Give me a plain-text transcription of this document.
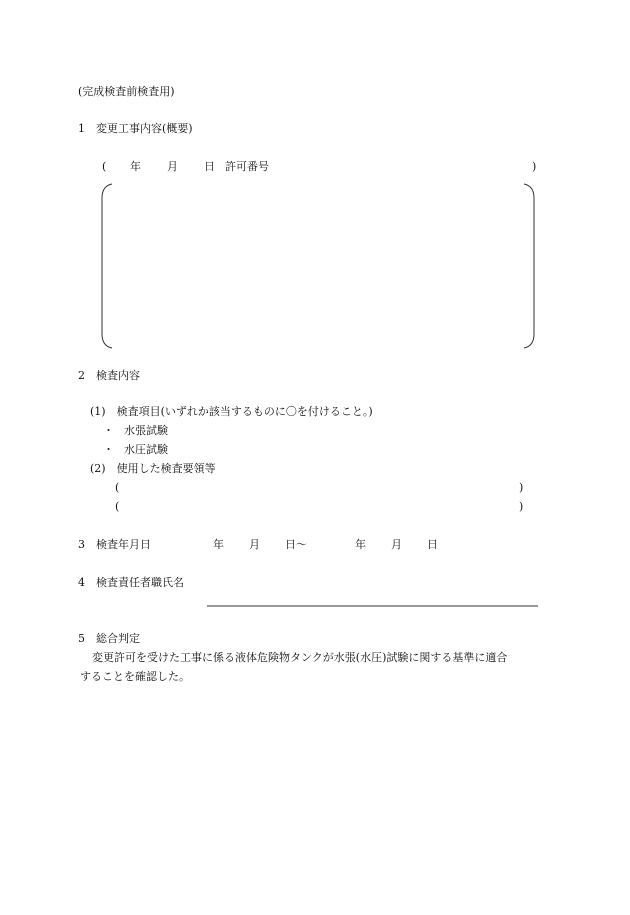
(完成検査前検査用)
1　変更工事内容(概要)
( 年 月 日 許可番号	)
2　検査内容
(1)　検査項目(いずれか該当するものに〇を付けること。)
・ 水張試験
・ 水圧試験
(2)　使用した検査要領等
(	)
(	)
3　検査年月日	年 月 日〜	年 月 日
4　検査責任者職氏名
5　総合判定
変更許可を受けた工事に係る液体危険物タンクが水張(水圧)試験に関する基準に適合
することを確認した。
